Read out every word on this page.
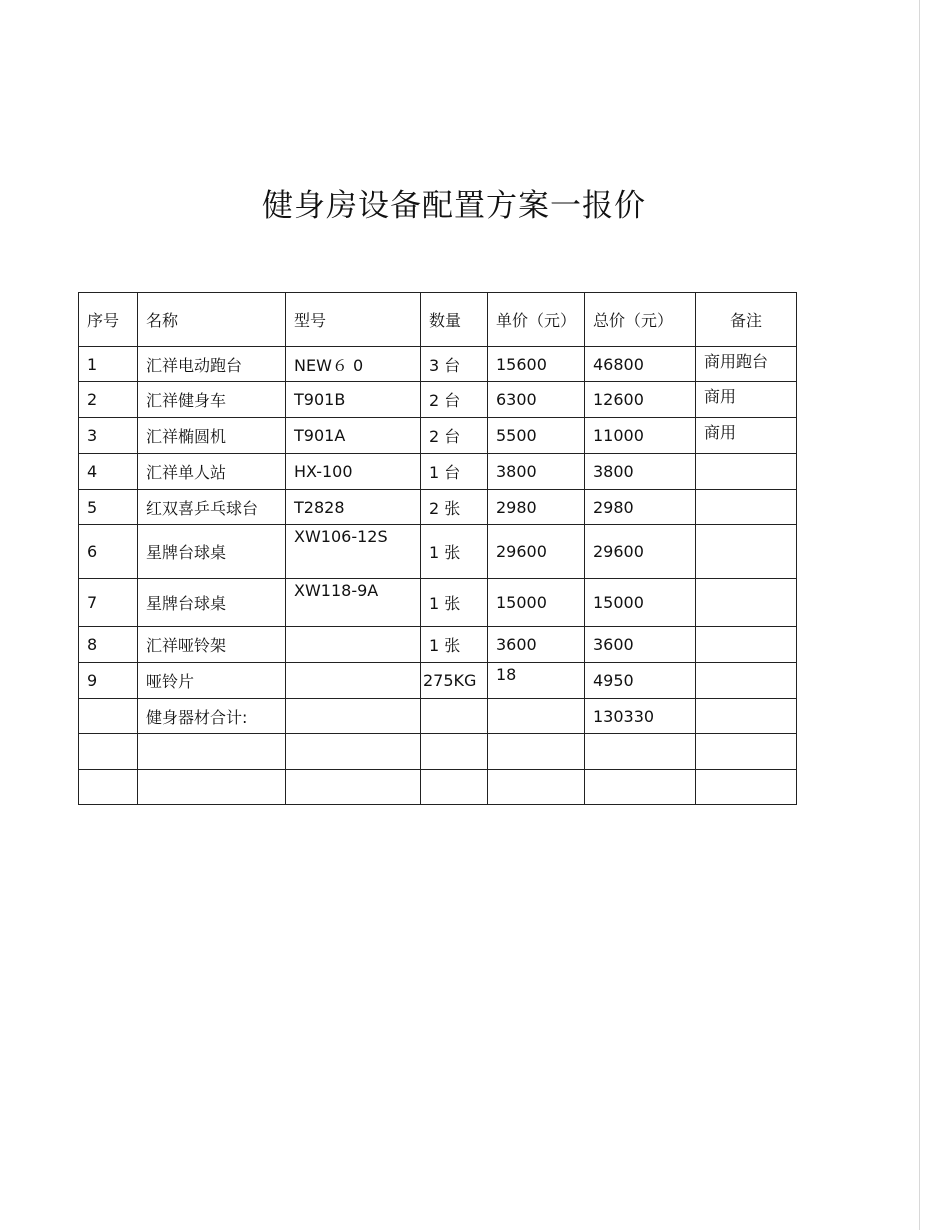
健身房设备配置方案一报价
序号	名称	型号	数量	单价（元）	总价（元）	备注
1	汇祥电动跑台	NEW６ 0	3 台	15600	46800	商用跑台
2	汇祥健身车	T901B	2 台	6300	12600	商用
3	汇祥椭圆机	T901A	2 台	5500	11000	商用
4	汇祥单人站	HX-100	1 台	3800	3800	
5	红双喜乒乓球台	T2828	2 张	2980	2980	
6	星牌台球桌	XW106-12S	1 张	29600	29600	
7	星牌台球桌	XW118-9A	1 张	15000	15000	
8	汇祥哑铃架		1 张	3600	3600	
9	哑铃片		275KG	18	4950	
	健身器材合计:				130330	
